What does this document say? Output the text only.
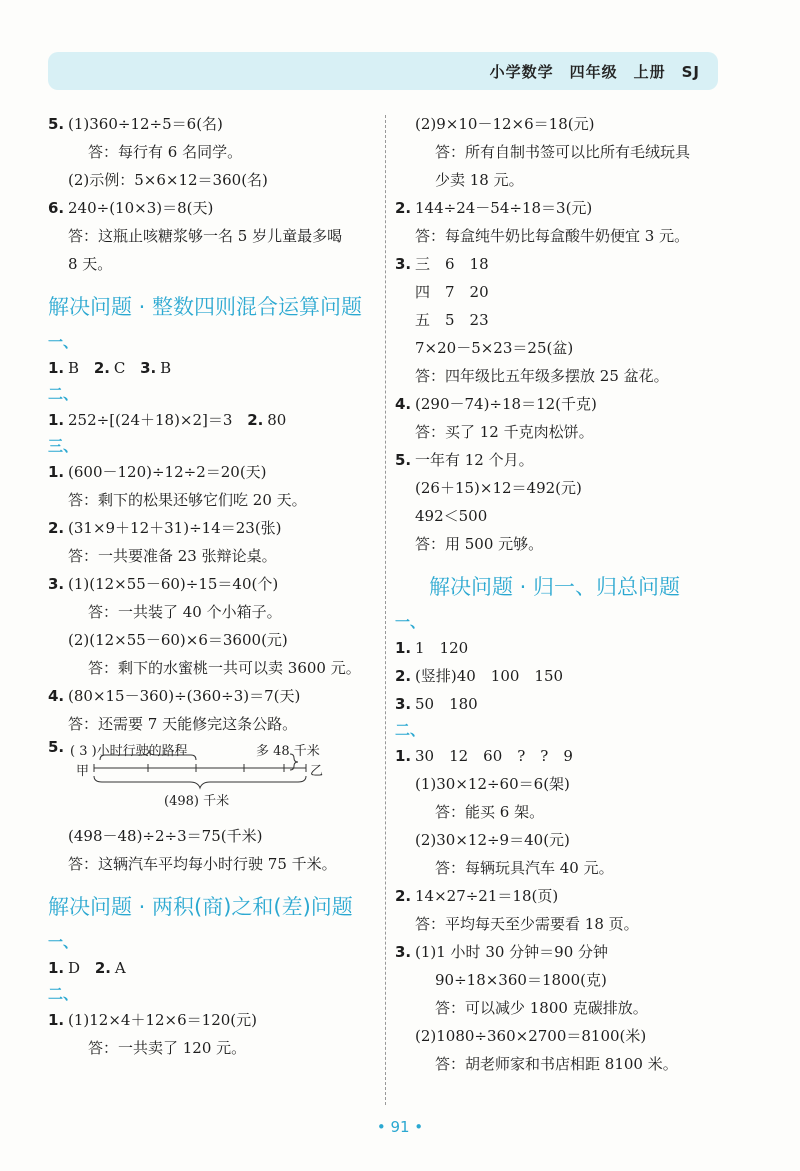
小学数学　四年级　上册　SJ
5. (1)360÷12÷5＝6(名)
答：每行有 6 名同学。
(2)示例：5×6×12＝360(名)
6. 240÷(10×3)＝8(天)
答：这瓶止咳糖浆够一名 5 岁儿童最多喝
8 天。
解决问题 · 整数四则混合运算问题
一、
1. B 2. C 3. B
二、
1. 252÷[(24＋18)×2]＝3 2. 80
三、
1. (600－120)÷12÷2＝20(天)
答：剩下的松果还够它们吃 20 天。
2. (31×9＋12＋31)÷14＝23(张)
答：一共要准备 23 张辩论桌。
3. (1)(12×55－60)÷15＝40(个)
答：一共装了 40 个小箱子。
(2)(12×55－60)×6＝3600(元)
答：剩下的水蜜桃一共可以卖 3600 元。
4. (80×15－360)÷(360÷3)＝7(天)
答：还需要 7 天能修完这条公路。
5. ( 3 )小时行驶的路程	多 48 千米
甲	乙
(498) 千米
(498－48)÷2÷3＝75(千米)
答：这辆汽车平均每小时行驶 75 千米。
解决问题 · 两积(商)之和(差)问题
一、
1. D 2. A
二、
1. (1)12×4＋12×6＝120(元)
答：一共卖了 120 元。
(2)9×10－12×6＝18(元)
答：所有自制书签可以比所有毛绒玩具
少卖 18 元。
2. 144÷24－54÷18＝3(元)
答：每盒纯牛奶比每盒酸牛奶便宜 3 元。
3. 三　6　18
四　7　20
五　5　23
7×20－5×23＝25(盆)
答：四年级比五年级多摆放 25 盆花。
4. (290－74)÷18＝12(千克)
答：买了 12 千克肉松饼。
5. 一年有 12 个月。
(26＋15)×12＝492(元)
492＜500
答：用 500 元够。
解决问题 · 归一、归总问题
一、
1. 1　120
2. (竖排)40　100　150
3. 50　180
二、
1. 30　12　60　?　?　9
(1)30×12÷60＝6(架)
答：能买 6 架。
(2)30×12÷9＝40(元)
答：每辆玩具汽车 40 元。
2. 14×27÷21＝18(页)
答：平均每天至少需要看 18 页。
3. (1)1 小时 30 分钟＝90 分钟
90÷18×360＝1800(克)
答：可以减少 1800 克碳排放。
(2)1080÷360×2700＝8100(米)
答：胡老师家和书店相距 8100 米。
• 91 •
